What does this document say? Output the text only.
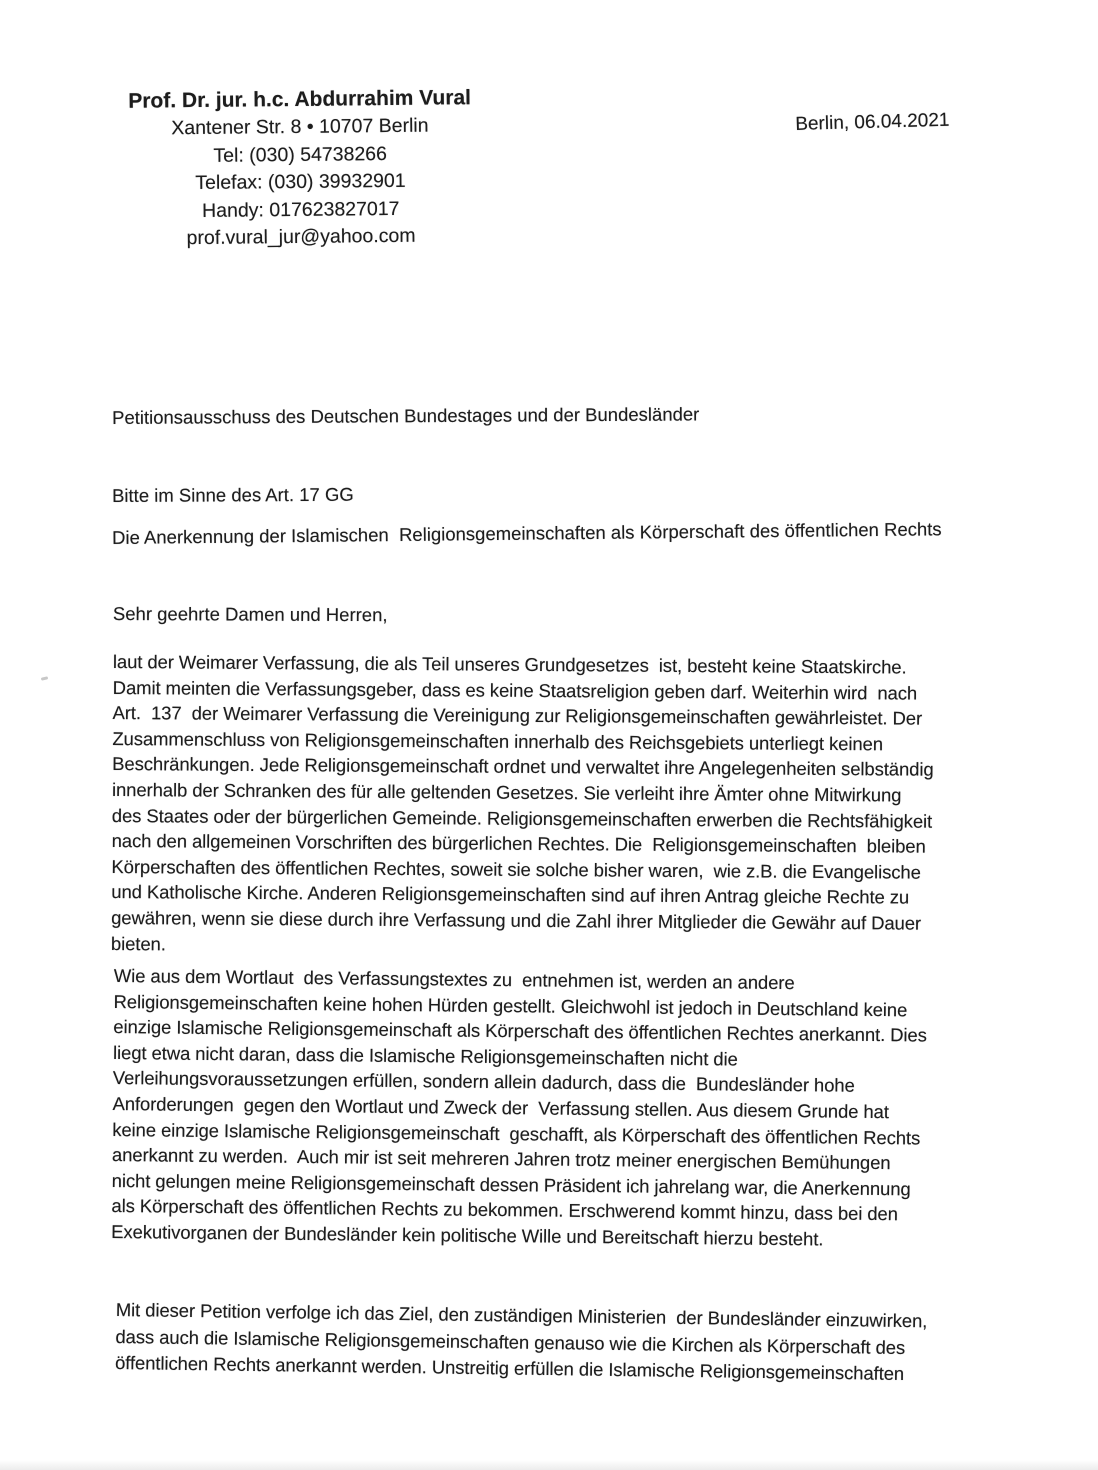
Prof. Dr. jur. h.c. Abdurrahim Vural
Xantener Str. 8 • 10707 Berlin
Tel: (030) 54738266
Telefax: (030) 39932901
Handy: 017623827017
prof.vural_jur@yahoo.com
Berlin, 06.04.2021
Petitionsausschuss des Deutschen Bundestages und der Bundesländer
Bitte im Sinne des Art. 17 GG
Die Anerkennung der Islamischen  Religionsgemeinschaften als Körperschaft des öffentlichen Rechts
Sehr geehrte Damen und Herren,
laut der Weimarer Verfassung, die als Teil unseres Grundgesetzes  ist, besteht keine Staatskirche.
Damit meinten die Verfassungsgeber, dass es keine Staatsreligion geben darf. Weiterhin wird  nach
Art.  137  der Weimarer Verfassung die Vereinigung zur Religionsgemeinschaften gewährleistet. Der
Zusammenschluss von Religionsgemeinschaften innerhalb des Reichsgebiets unterliegt keinen
Beschränkungen. Jede Religionsgemeinschaft ordnet und verwaltet ihre Angelegenheiten selbständig
innerhalb der Schranken des für alle geltenden Gesetzes. Sie verleiht ihre Ämter ohne Mitwirkung
des Staates oder der bürgerlichen Gemeinde. Religionsgemeinschaften erwerben die Rechtsfähigkeit
nach den allgemeinen Vorschriften des bürgerlichen Rechtes. Die  Religionsgemeinschaften  bleiben
Körperschaften des öffentlichen Rechtes, soweit sie solche bisher waren,  wie z.B. die Evangelische
und Katholische Kirche. Anderen Religionsgemeinschaften sind auf ihren Antrag gleiche Rechte zu
gewähren, wenn sie diese durch ihre Verfassung und die Zahl ihrer Mitglieder die Gewähr auf Dauer
bieten.
Wie aus dem Wortlaut  des Verfassungstextes zu  entnehmen ist, werden an andere
Religionsgemeinschaften keine hohen Hürden gestellt. Gleichwohl ist jedoch in Deutschland keine
einzige Islamische Religionsgemeinschaft als Körperschaft des öffentlichen Rechtes anerkannt. Dies
liegt etwa nicht daran, dass die Islamische Religionsgemeinschaften nicht die
Verleihungsvoraussetzungen erfüllen, sondern allein dadurch, dass die  Bundesländer hohe
Anforderungen  gegen den Wortlaut und Zweck der  Verfassung stellen. Aus diesem Grunde hat
keine einzige Islamische Religionsgemeinschaft  geschafft, als Körperschaft des öffentlichen Rechts
anerkannt zu werden.  Auch mir ist seit mehreren Jahren trotz meiner energischen Bemühungen
nicht gelungen meine Religionsgemeinschaft dessen Präsident ich jahrelang war, die Anerkennung
als Körperschaft des öffentlichen Rechts zu bekommen. Erschwerend kommt hinzu, dass bei den
Exekutivorganen der Bundesländer kein politische Wille und Bereitschaft hierzu besteht.
Mit dieser Petition verfolge ich das Ziel, den zuständigen Ministerien  der Bundesländer einzuwirken,
dass auch die Islamische Religionsgemeinschaften genauso wie die Kirchen als Körperschaft des
öffentlichen Rechts anerkannt werden. Unstreitig erfüllen die Islamische Religionsgemeinschaften
